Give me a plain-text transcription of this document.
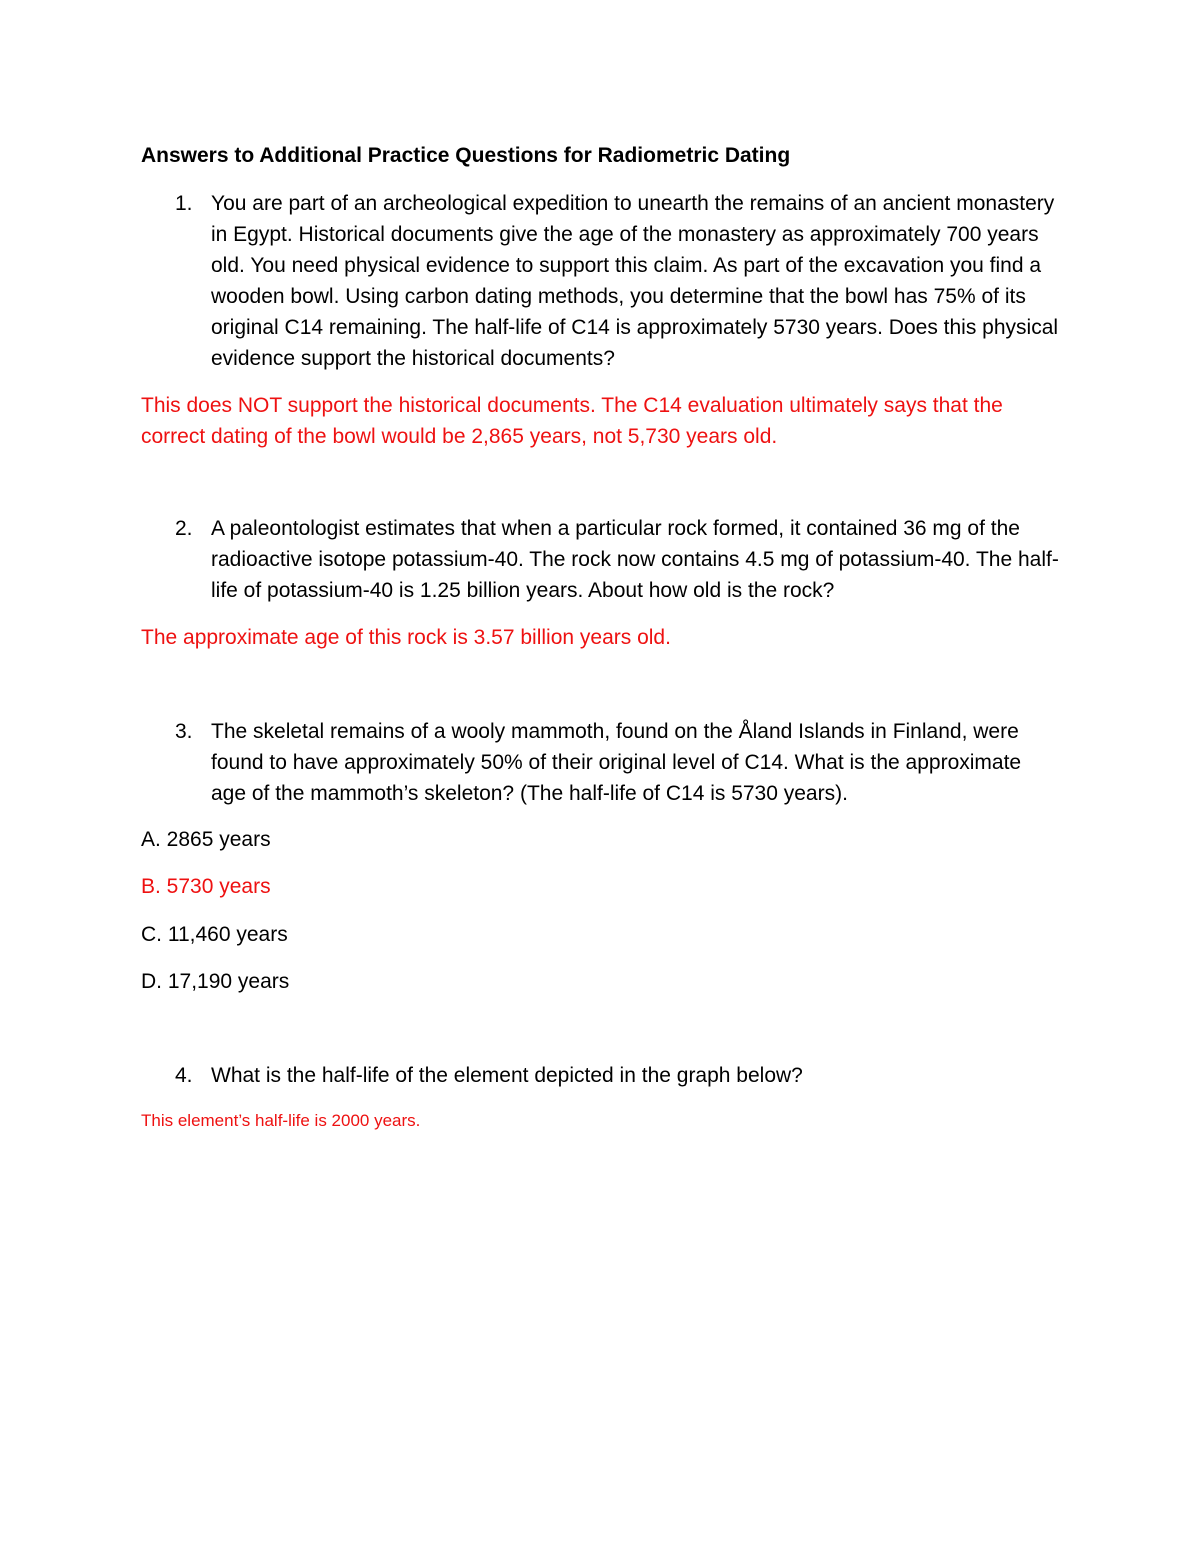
Answers to Additional Practice Questions for Radiometric Dating
1. You are part of an archeological expedition to unearth the remains of an ancient monastery in Egypt. Historical documents give the age of the monastery as approximately 700 years old. You need physical evidence to support this claim. As part of the excavation you find a wooden bowl. Using carbon dating methods, you determine that the bowl has 75% of its original C14 remaining. The half-life of C14 is approximately 5730 years. Does this physical evidence support the historical documents?
This does NOT support the historical documents. The C14 evaluation ultimately says that the correct dating of the bowl would be 2,865 years, not 5,730 years old.
2. A paleontologist estimates that when a particular rock formed, it contained 36 mg of the radioactive isotope potassium-40. The rock now contains 4.5 mg of potassium-40. The half-life of potassium-40 is 1.25 billion years. About how old is the rock?
The approximate age of this rock is 3.57 billion years old.
3. The skeletal remains of a wooly mammoth, found on the Åland Islands in Finland, were found to have approximately 50% of their original level of C14. What is the approximate age of the mammoth’s skeleton? (The half-life of C14 is 5730 years).
A. 2865 years
B. 5730 years
C. 11,460 years
D. 17,190 years
4. What is the half-life of the element depicted in the graph below?
This element’s half-life is 2000 years.
